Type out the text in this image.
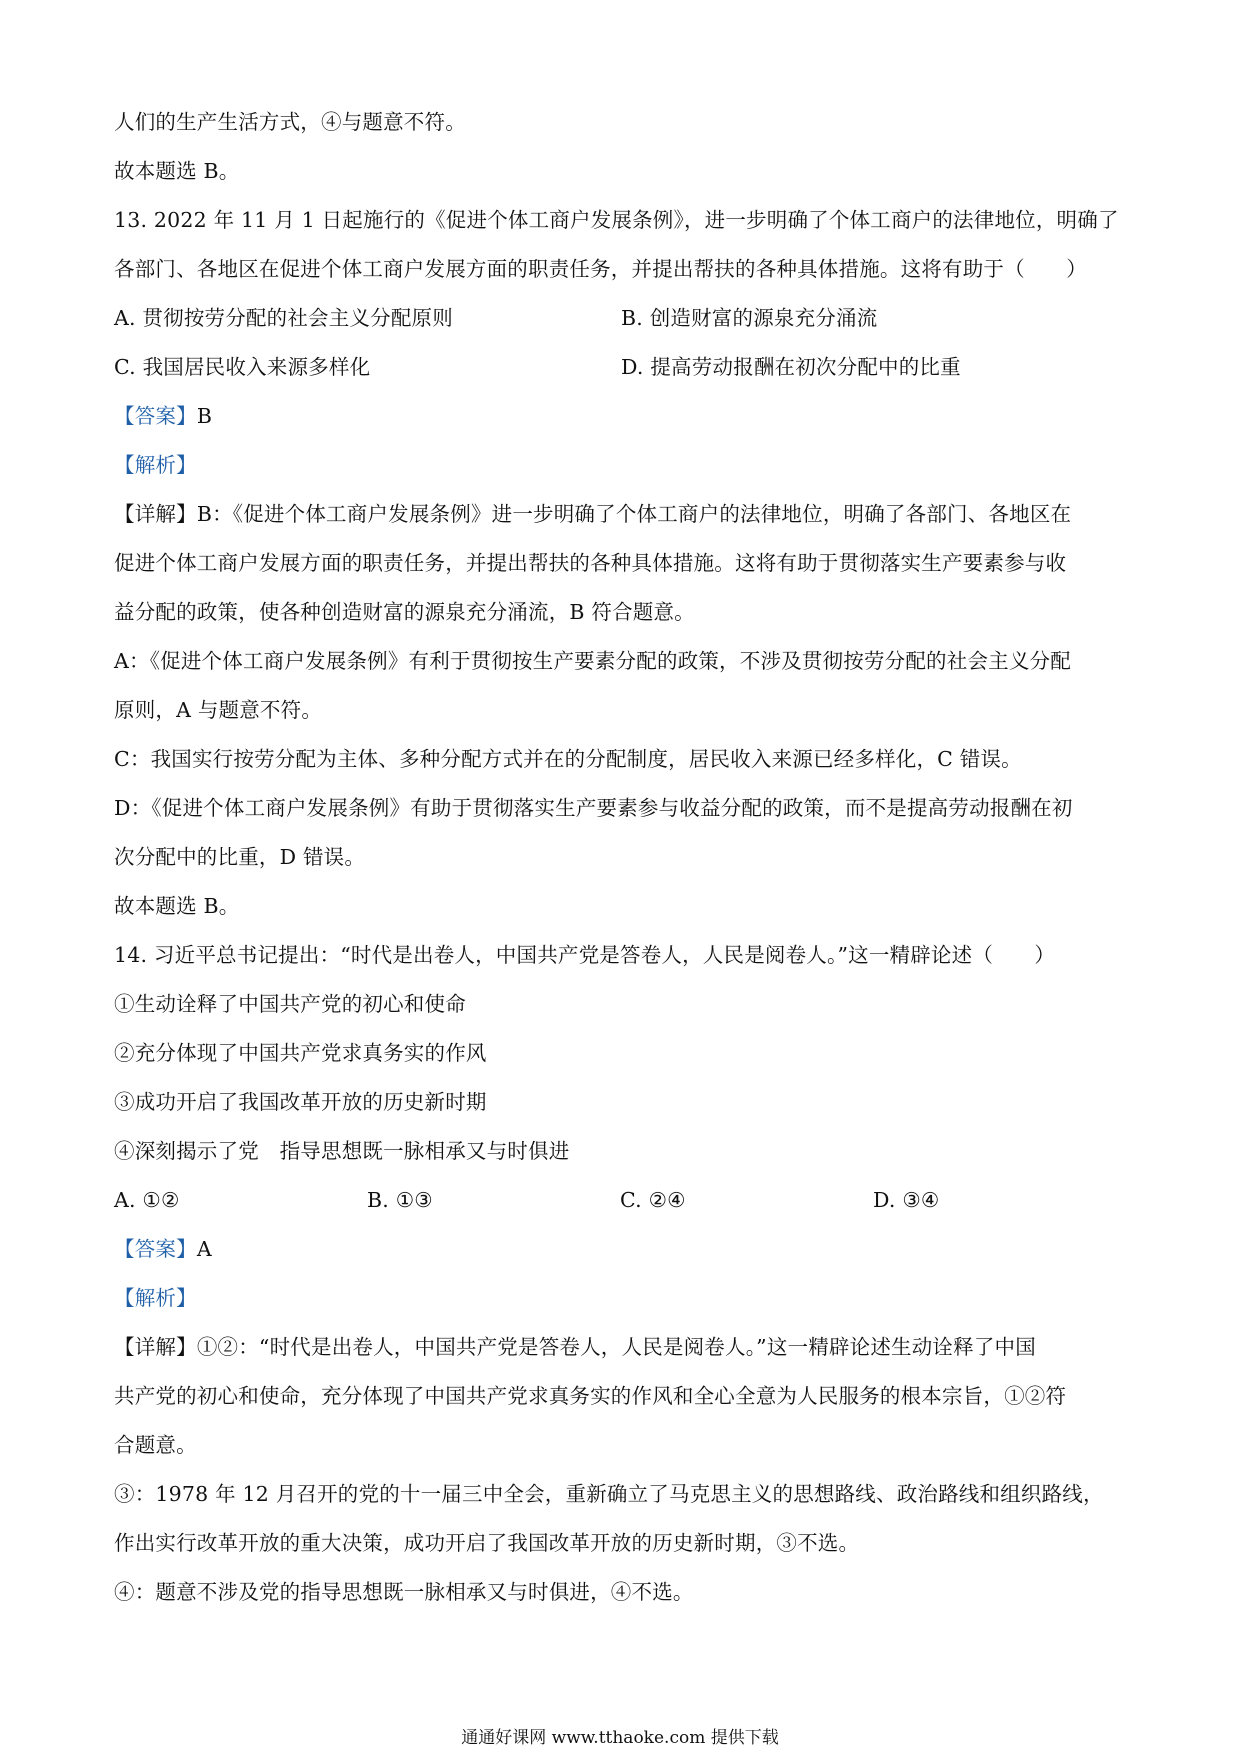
人们的生产生活方式，④与题意不符。
故本题选 B。
13. 2022 年 11 月 1 日起施行的《促进个体工商户发展条例》，进一步明确了个体工商户的法律地位，明确了
各部门、各地区在促进个体工商户发展方面的职责任务，并提出帮扶的各种具体措施。这将有助于（　　）
A. 贯彻按劳分配的社会主义分配原则	B. 创造财富的源泉充分涌流
C. 我国居民收入来源多样化	D. 提高劳动报酬在初次分配中的比重
【答案】B
【解析】
【详解】B：《促进个体工商户发展条例》进一步明确了个体工商户的法律地位，明确了各部门、各地区在
促进个体工商户发展方面的职责任务，并提出帮扶的各种具体措施。这将有助于贯彻落实生产要素参与收
益分配的政策，使各种创造财富的源泉充分涌流，B 符合题意。
A：《促进个体工商户发展条例》有利于贯彻按生产要素分配的政策，不涉及贯彻按劳分配的社会主义分配
原则，A 与题意不符。
C：我国实行按劳分配为主体、多种分配方式并在的分配制度，居民收入来源已经多样化，C 错误。
D：《促进个体工商户发展条例》有助于贯彻落实生产要素参与收益分配的政策，而不是提高劳动报酬在初
次分配中的比重，D 错误。
故本题选 B。
14. 习近平总书记提出：“时代是出卷人，中国共产党是答卷人，人民是阅卷人。”这一精辟论述（　　）
①生动诠释了中国共产党的初心和使命
②充分体现了中国共产党求真务实的作风
③成功开启了我国改革开放的历史新时期
④深刻揭示了党　指导思想既一脉相承又与时俱进
A. ①②	B. ①③	C. ②④	D. ③④
【答案】A
【解析】
【详解】①②：“时代是出卷人，中国共产党是答卷人，人民是阅卷人。”这一精辟论述生动诠释了中国
共产党的初心和使命，充分体现了中国共产党求真务实的作风和全心全意为人民服务的根本宗旨，①②符
合题意。
③：1978 年 12 月召开的党的十一届三中全会，重新确立了马克思主义的思想路线、政治路线和组织路线，
作出实行改革开放的重大决策，成功开启了我国改革开放的历史新时期，③不选。
④：题意不涉及党的指导思想既一脉相承又与时俱进，④不选。
通通好课网 www.tthaoke.com 提供下载
